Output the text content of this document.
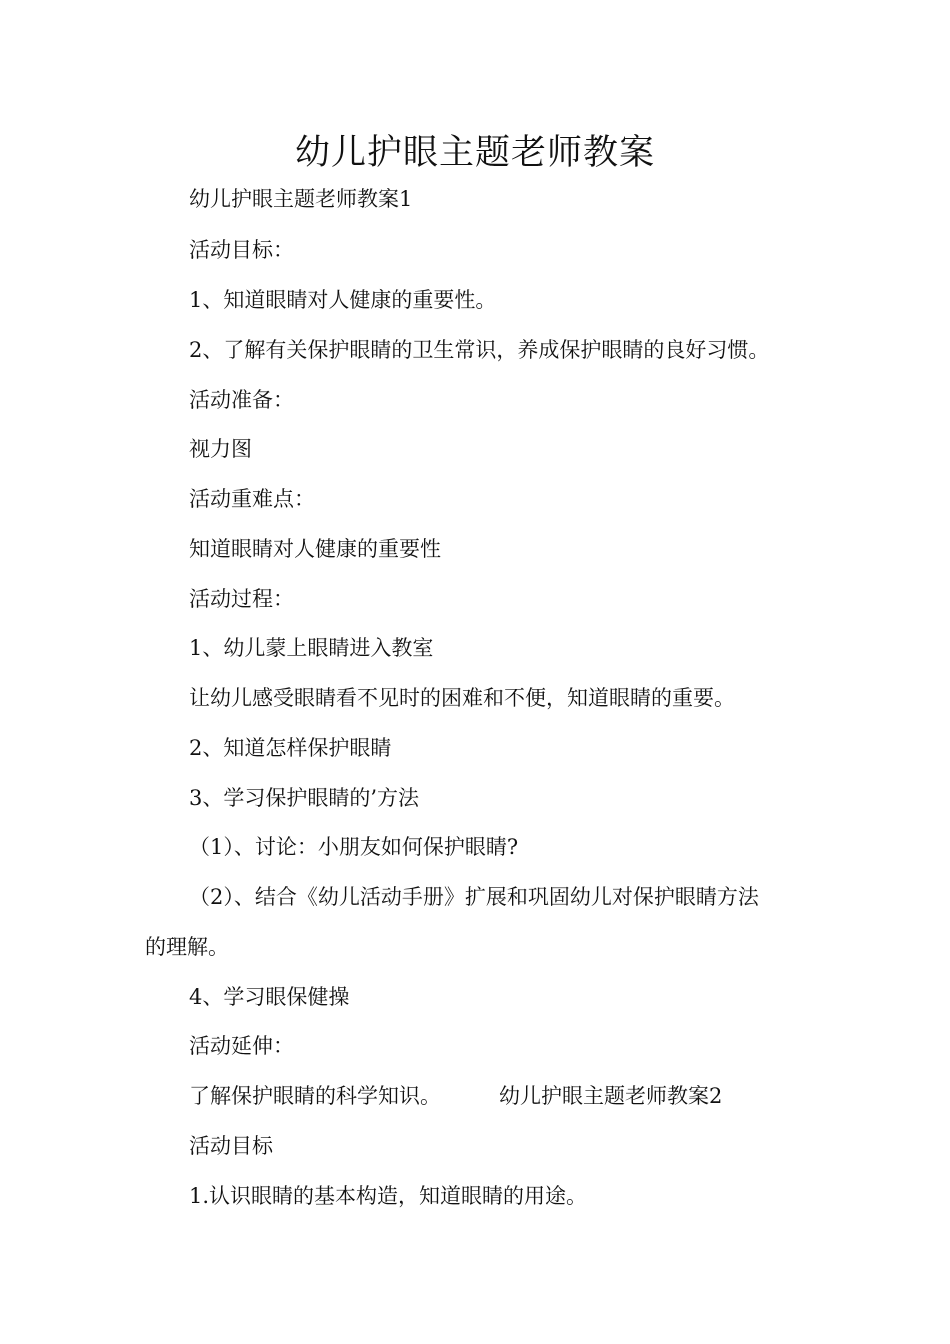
幼儿护眼主题老师教案

幼儿护眼主题老师教案1

活动目标：

1、知道眼睛对人健康的重要性。

2、了解有关保护眼睛的卫生常识，养成保护眼睛的良好习惯。

活动准备：

视力图

活动重难点：

知道眼睛对人健康的重要性

活动过程：

1、幼儿蒙上眼睛进入教室

让幼儿感受眼睛看不见时的困难和不便，知道眼睛的重要。

2、知道怎样保护眼睛

3、学习保护眼睛的’方法

（1）、讨论：小朋友如何保护眼睛?

（2）、结合《幼儿活动手册》扩展和巩固幼儿对保护眼睛方法

的理解。

4、学习眼保健操

活动延伸：

了解保护眼睛的科学知识。	幼儿护眼主题老师教案2

活动目标

1.认识眼睛的基本构造，知道眼睛的用途。
